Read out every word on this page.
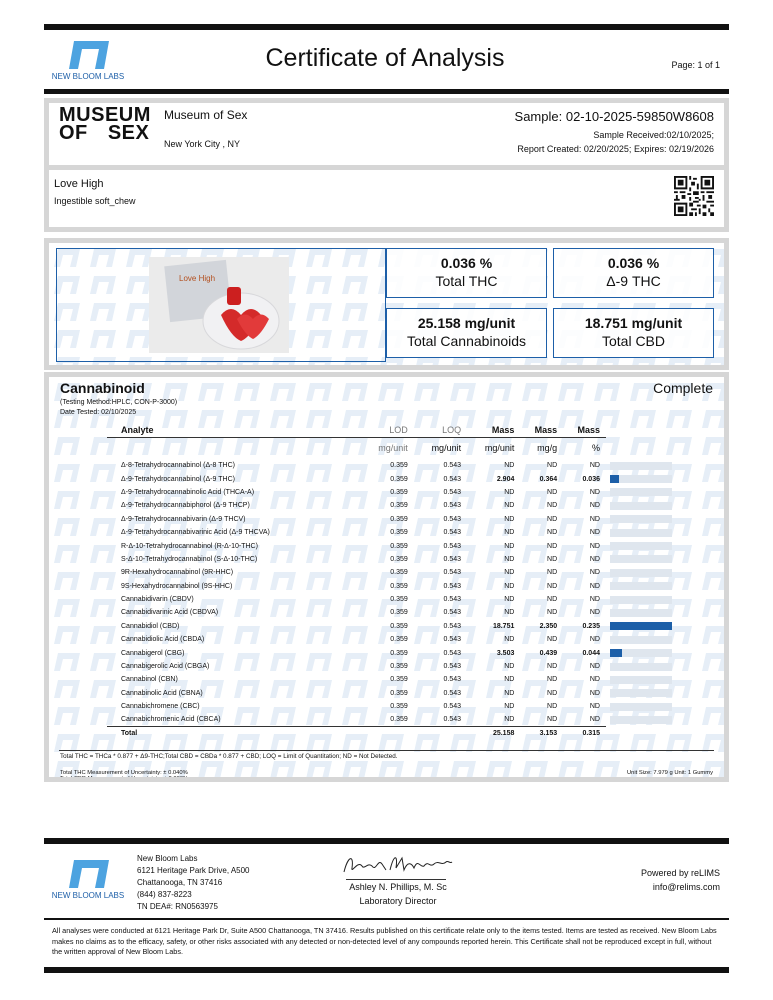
NEW BLOOM LABS
Certificate of Analysis	Page: 1 of 1
MUSEUM
OF SEX
Museum of Sex
New York City , NY
Sample: 02-10-2025-59850W8608
Sample Received:02/10/2025;
Report Created: 02/20/2025; Expires: 02/19/2026
Love High
Ingestible soft_chew
Love High
0.036 %
Total THC
0.036 %
Δ-9 THC
25.158 mg/unit
Total Cannabinoids
18.751 mg/unit
Total CBD
Cannabinoid	Complete
(Testing Method:HPLC, CON-P-3000)
Date Tested: 02/10/2025
Analyte	LOD	LOQ	Mass	Mass	Mass	
	mg/unit	mg/unit	mg/unit	mg/g	%	
Δ-8-Tetrahydrocannabinol (Δ-8 THC)	0.359	0.543	ND	ND	ND	

Δ-9-Tetrahydrocannabinol (Δ-9 THC)	0.359	0.543	2.904	0.364	0.036	

Δ-9-Tetrahydrocannabinolic Acid (THCA-A)	0.359	0.543	ND	ND	ND	

Δ-9-Tetrahydrocannabiphorol (Δ-9 THCP)	0.359	0.543	ND	ND	ND	

Δ-9-Tetrahydrocannabivarin (Δ-9 THCV)	0.359	0.543	ND	ND	ND	

Δ-9-Tetrahydrocannabivarinic Acid (Δ-9 THCVA)	0.359	0.543	ND	ND	ND	

R-Δ-10-Tetrahydrocannabinol (R-Δ-10-THC)	0.359	0.543	ND	ND	ND	

S-Δ-10-Tetrahydrocannabinol (S-Δ-10-THC)	0.359	0.543	ND	ND	ND	

9R-Hexahydrocannabinol (9R-HHC)	0.359	0.543	ND	ND	ND	

9S-Hexahydrocannabinol (9S-HHC)	0.359	0.543	ND	ND	ND	

Cannabidivarin (CBDV)	0.359	0.543	ND	ND	ND	

Cannabidivarinic Acid (CBDVA)	0.359	0.543	ND	ND	ND	

Cannabidiol (CBD)	0.359	0.543	18.751	2.350	0.235	

Cannabidiolic Acid (CBDA)	0.359	0.543	ND	ND	ND	

Cannabigerol (CBG)	0.359	0.543	3.503	0.439	0.044	

Cannabigerolic Acid (CBGA)	0.359	0.543	ND	ND	ND	

Cannabinol (CBN)	0.359	0.543	ND	ND	ND	

Cannabinolic Acid (CBNA)	0.359	0.543	ND	ND	ND	

Cannabichromene (CBC)	0.359	0.543	ND	ND	ND	

Cannabichromenic Acid (CBCA)	0.359	0.543	ND	ND	ND	

Total			25.158	3.153	0.315	
Total THC = THCa * 0.877 + Δ9-THC;Total CBD = CBDa * 0.877 + CBD; LOQ = Limit of Quantitation; ND = Not Detected.
Total THC Measurement of Uncertainty: ± 0.040%
Total CBD Measurement of Uncertainty: ± 2.000%
Unit Size: 7.979 g Unit: 1 Gummy
NEW BLOOM LABS
New Bloom Labs
6121 Heritage Park Drive, A500
Chattanooga, TN 37416
(844) 837-8223
TN DEA#: RN0563975
Ashley N. Phillips, M. Sc
Laboratory Director
Powered by reLIMS
info@relims.com
All analyses were conducted at 6121 Heritage Park Dr, Suite A500 Chattanooga, TN 37416. Results published on this certificate relate only to the items tested. Items are tested as received. New Bloom Labs makes no claims as to the efficacy, safety, or other risks associated with any detected or non-detected level of any compounds reported herein. This Certificate shall not be reproduced except in full, without the written approval of New Bloom Labs.
